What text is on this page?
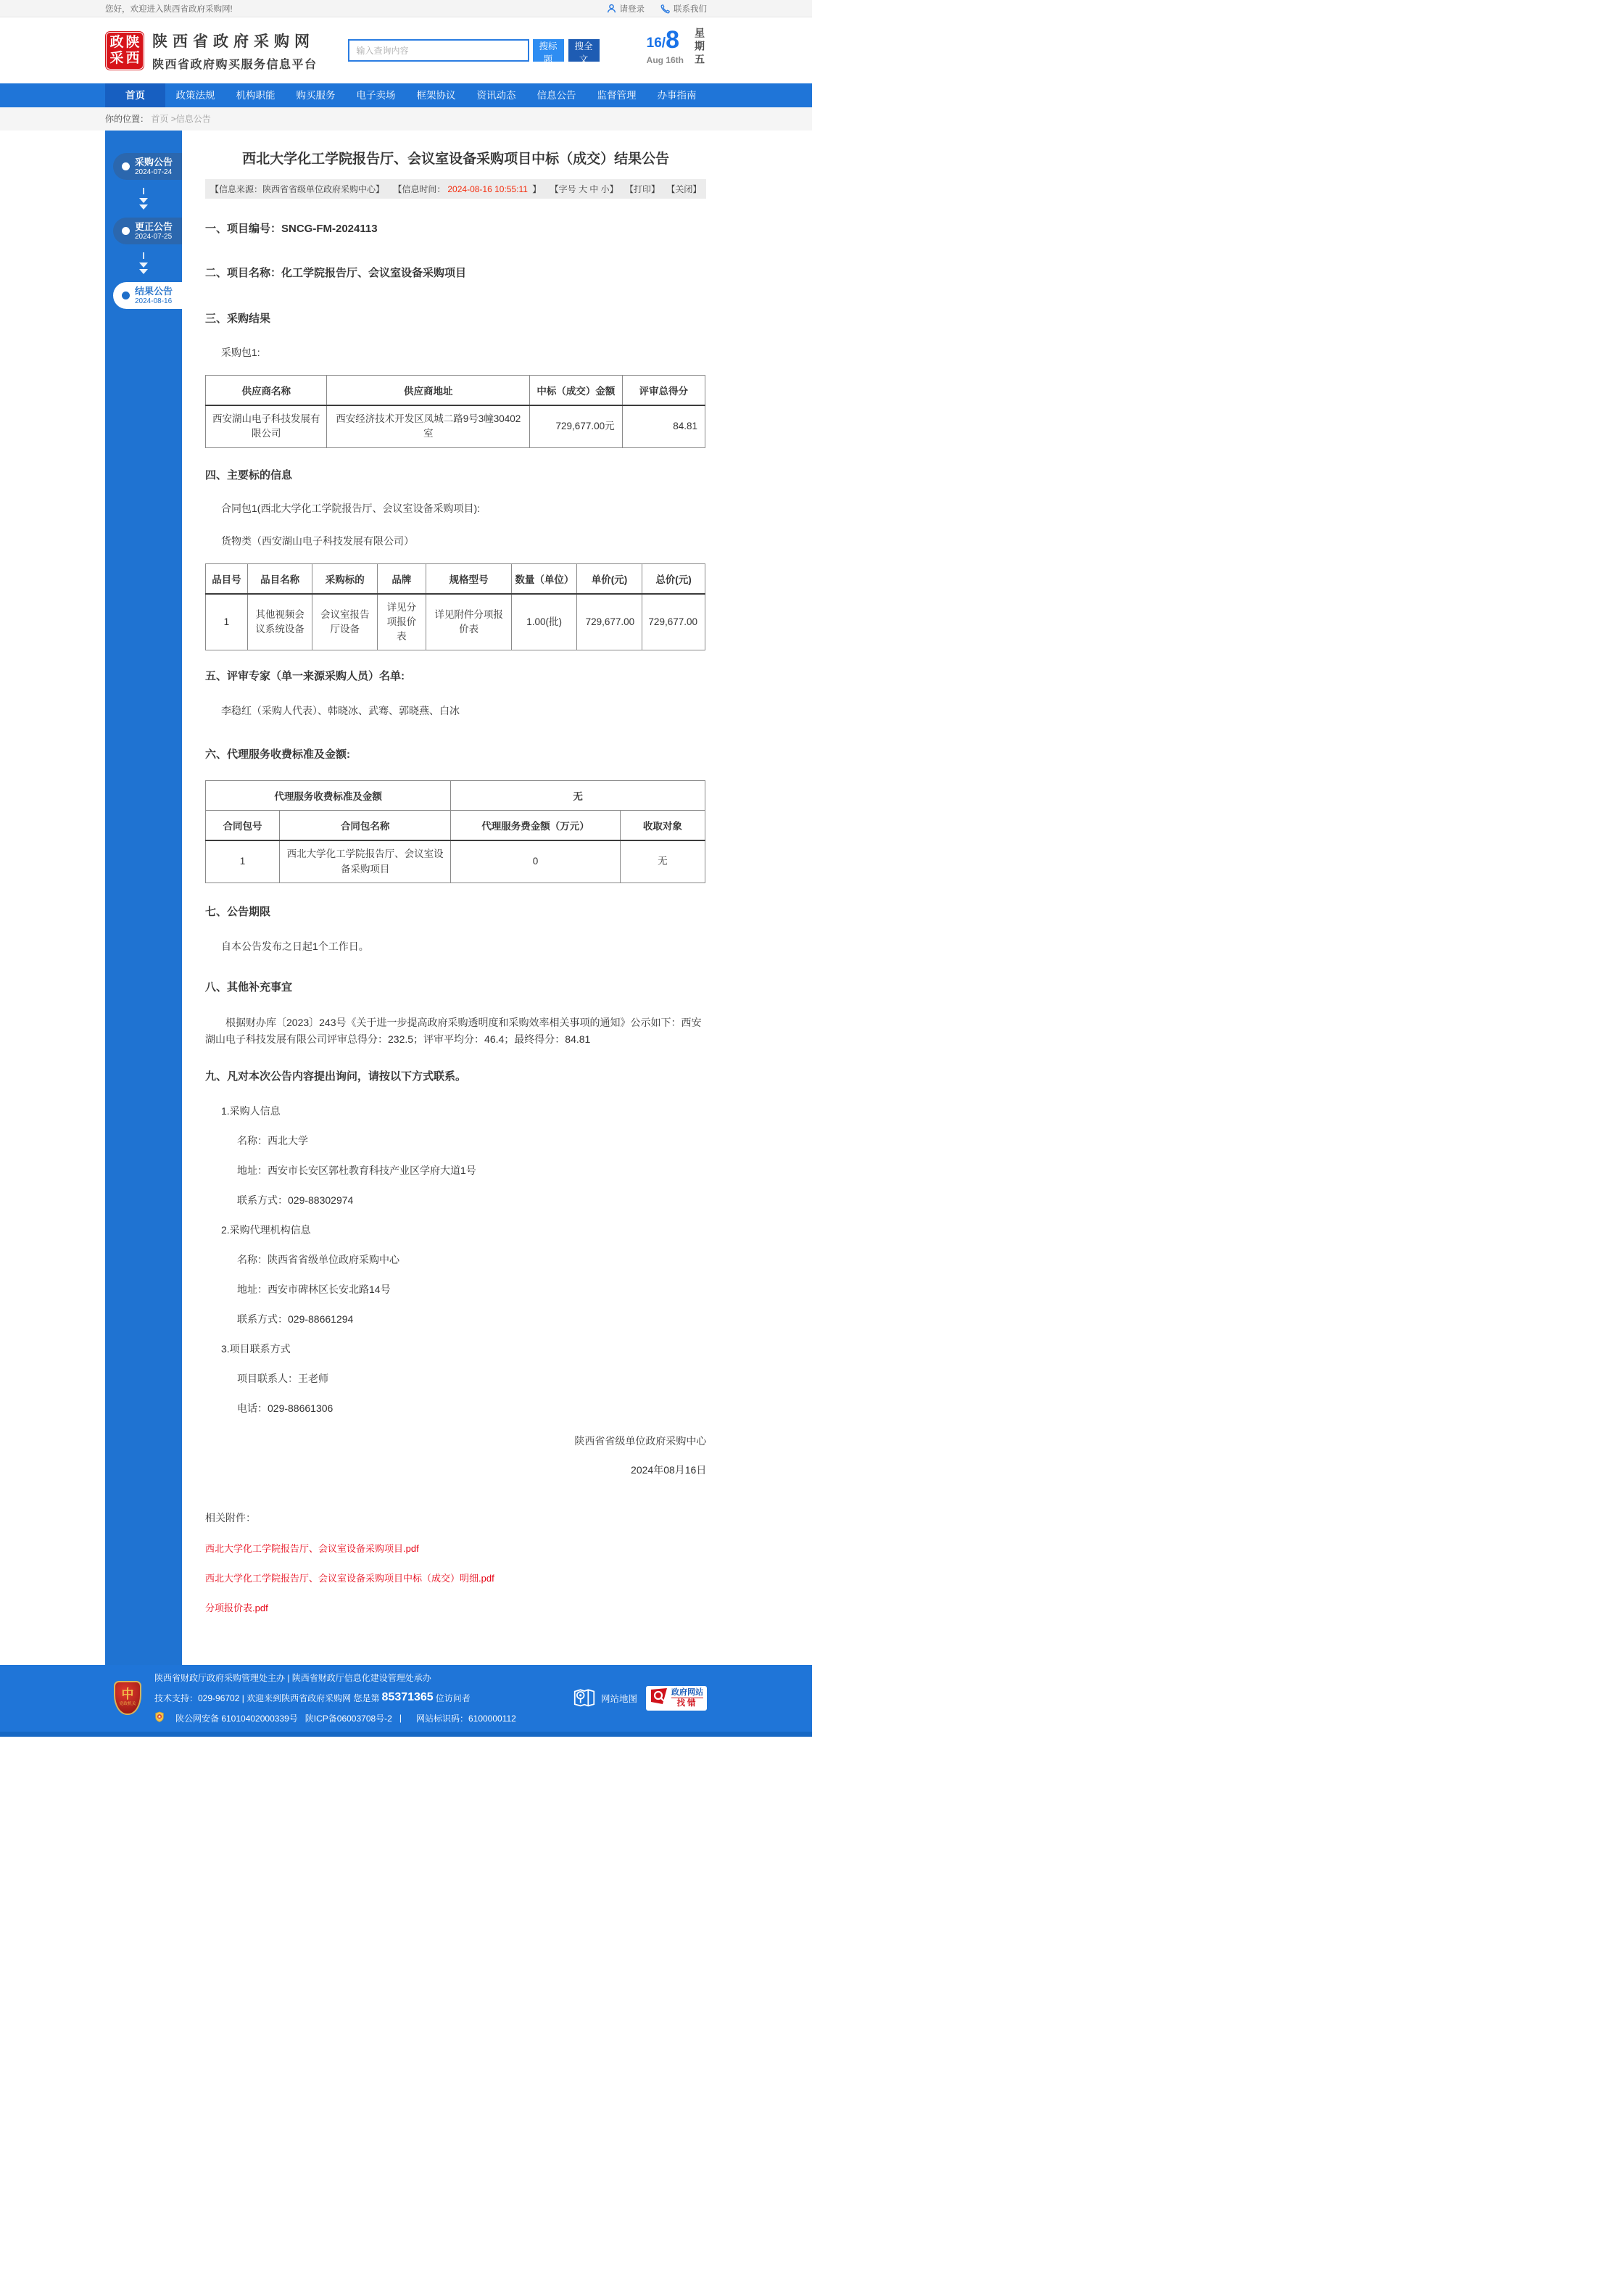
您好，欢迎进入陕西省政府采购网!	请登录	联系我们
政 陕
采 西
陕西省政府采购网
陕西省政府购买服务信息平台
输入查询内容
搜标题
搜全文
16/ 8
Aug 16th 星期五
首页	政策法规	机构职能	购买服务	电子卖场	框架协议	资讯动态	信息公告	监督管理	办事指南
你的位置： 首页 >信息公告
采购公告
2024-07-24
更正公告
2024-07-25
结果公告
2024-08-16
西北大学化工学院报告厅、会议室设备采购项目中标（成交）结果公告
【信息来源：陕西省省级单位政府采购中心】 【信息时间： 2024-08-16 10:55:11 】 【字号 大 中 小】 【打印】 【关闭】
一、项目编号：SNCG-FM-2024113
二、项目名称：化工学院报告厅、会议室设备采购项目
三、采购结果
采购包1:
供应商名称	供应商地址	中标（成交）金额	评审总得分
西安湖山电子科技发展有限公司	西安经济技术开发区凤城二路9号3幢30402室	729,677.00元	84.81
四、主要标的信息
合同包1(西北大学化工学院报告厅、会议室设备采购项目):
货物类（西安湖山电子科技发展有限公司）
品目号	品目名称	采购标的	品牌	规格型号	数量（单位）	单价(元)	总价(元)
1	其他视频会议系统设备	会议室报告厅设备	详见分项报价表	详见附件分项报价表	1.00(批)	729,677.00	729,677.00
五、评审专家（单一来源采购人员）名单:
李稳红（采购人代表）、韩晓冰、武骞、郭晓燕、白冰
六、代理服务收费标准及金额:
代理服务收费标准及金额		无	
合同包号	合同包名称	代理服务费金额（万元）	收取对象
1	西北大学化工学院报告厅、会议室设备采购项目	0	无
七、公告期限
自本公告发布之日起1个工作日。
八、其他补充事宜
根据财办库〔2023〕243号《关于进一步提高政府采购透明度和采购效率相关事项的通知》公示如下：西安湖山电子科技发展有限公司评审总得分：232.5；评审平均分：46.4；最终得分：84.81
九、凡对本次公告内容提出询问，请按以下方式联系。
1.采购人信息
名称：西北大学
地址：西安市长安区郭杜教育科技产业区学府大道1号
联系方式：029-88302974
2.采购代理机构信息
名称：陕西省省级单位政府采购中心
地址：西安市碑林区长安北路14号
联系方式：029-88661294
3.项目联系方式
项目联系人：王老师
电话：029-88661306
陕西省省级单位政府采购中心
2024年08月16日
相关附件：
西北大学化工学院报告厅、会议室设备采购项目.pdf
西北大学化工学院报告厅、会议室设备采购项目中标（成交）明细.pdf
分项报价表.pdf
中
党政机关
陕西省财政厅政府采购管理处主办 | 陕西省财政厅信息化建设管理处承办
技术支持：029-96702 | 欢迎来到陕西省政府采购网 您是第 85371365 位访问者
陕公网安备 61010402000339号 陕ICP备06003708号-2 | 网站标识码：6100000112
网站地图
政府网站
找错
